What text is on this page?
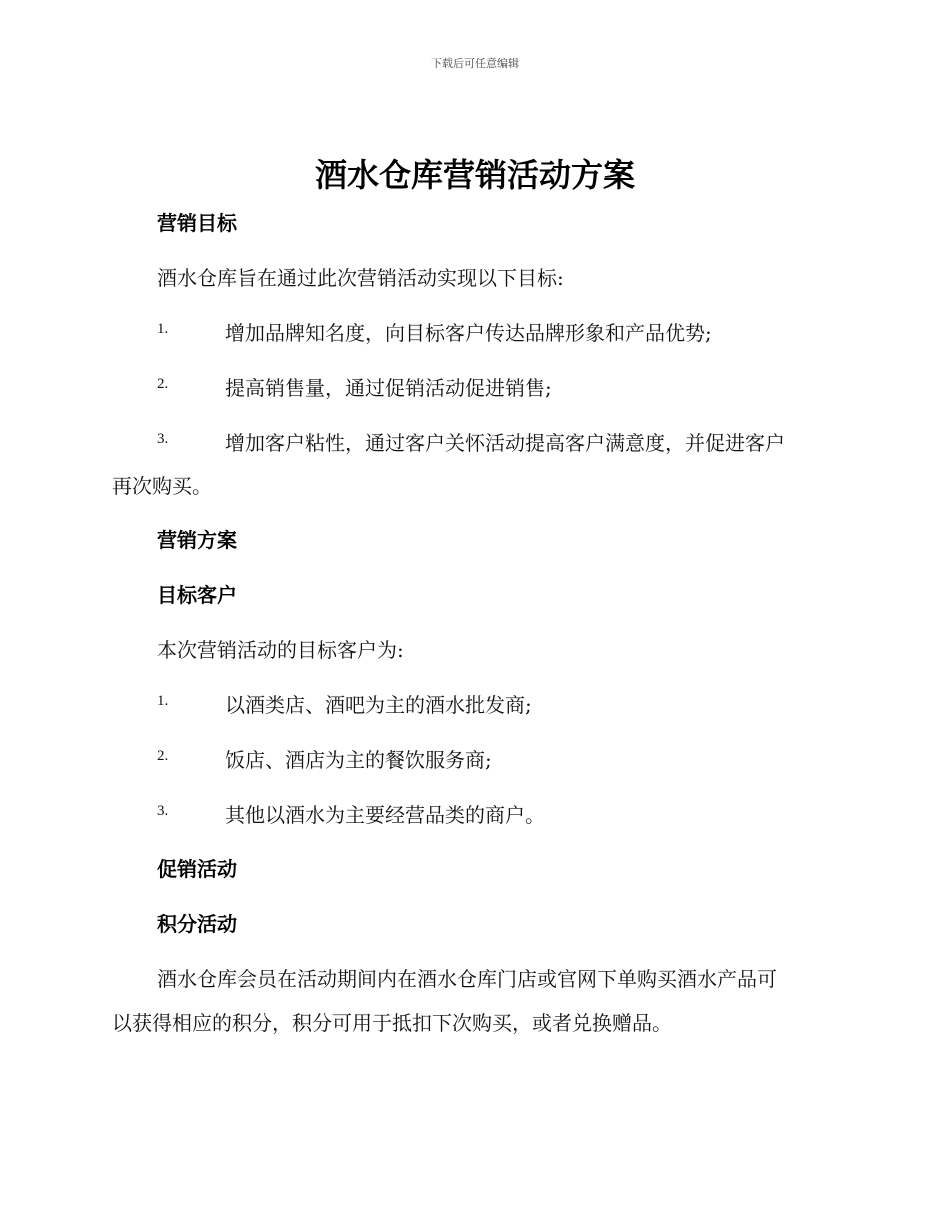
下载后可任意编辑
酒水仓库营销活动方案
营销目标
酒水仓库旨在通过此次营销活动实现以下目标:
1.	增加品牌知名度，向目标客户传达品牌形象和产品优势;
2.	提高销售量，通过促销活动促进销售;
3.	增加客户粘性，通过客户关怀活动提高客户满意度，并促进客户
再次购买。
营销方案
目标客户
本次营销活动的目标客户为:
1.	以酒类店、酒吧为主的酒水批发商;
2.	饭店、酒店为主的餐饮服务商;
3.	其他以酒水为主要经营品类的商户。
促销活动
积分活动
酒水仓库会员在活动期间内在酒水仓库门店或官网下单购买酒水产品可
以获得相应的积分，积分可用于抵扣下次购买，或者兑换赠品。
